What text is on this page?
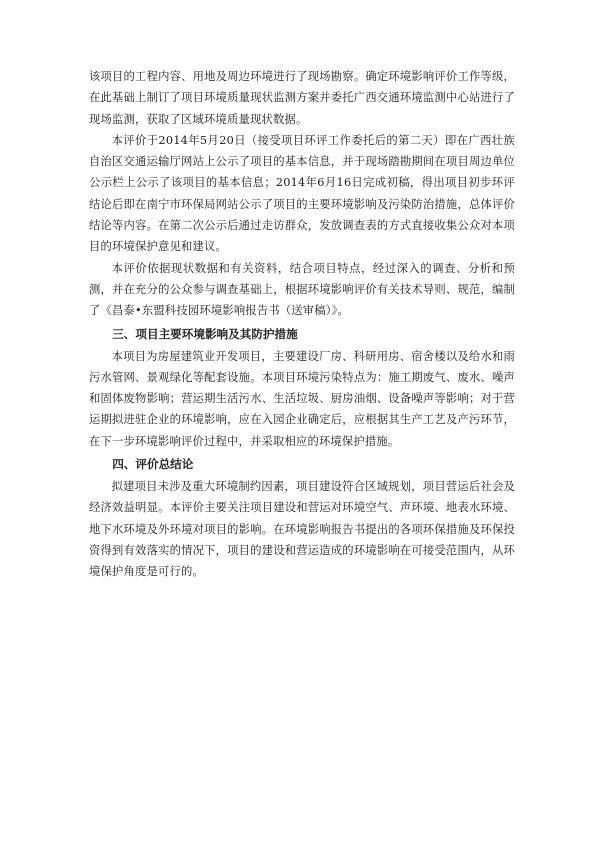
该项目的工程内容、用地及周边环境进行了现场勘察。确定环境影响评价工作等级，在此基础上制订了项目环境质量现状监测方案并委托广西交通环境监测中心站进行了现场监测，获取了区域环境质量现状数据。

本评价于2014年5月20日（接受项目环评工作委托后的第二天）即在广西壮族自治区交通运输厅网站上公示了项目的基本信息，并于现场踏勘期间在项目周边单位公示栏上公示了该项目的基本信息；2014年6月16日完成初稿，得出项目初步环评结论后即在南宁市环保局网站公示了项目的主要环境影响及污染防治措施，总体评价结论等内容。在第二次公示后通过走访群众，发放调查表的方式直接收集公众对本项目的环境保护意见和建议。

本评价依据现状数据和有关资料，结合项目特点，经过深入的调查、分析和预测，并在充分的公众参与调查基础上，根据环境影响评价有关技术导则、规范，编制了《昌泰•东盟科技园环境影响报告书（送审稿）》。

三、项目主要环境影响及其防护措施

本项目为房屋建筑业开发项目，主要建设厂房、科研用房、宿舍楼以及给水和雨污水管网、景观绿化等配套设施。本项目环境污染特点为：施工期废气、废水、噪声和固体废物影响；营运期生活污水、生活垃圾、厨房油烟、设备噪声等影响；对于营运期拟进驻企业的环境影响，应在入园企业确定后，应根据其生产工艺及产污环节，在下一步环境影响评价过程中，并采取相应的环境保护措施。

四、评价总结论

拟建项目未涉及重大环境制约因素，项目建设符合区域规划，项目营运后社会及经济效益明显。本评价主要关注项目建设和营运对环境空气、声环境、地表水环境、地下水环境及外环境对项目的影响。在环境影响报告书提出的各项环保措施及环保投资得到有效落实的情况下，项目的建设和营运造成的环境影响在可接受范围内，从环境保护角度是可行的。
